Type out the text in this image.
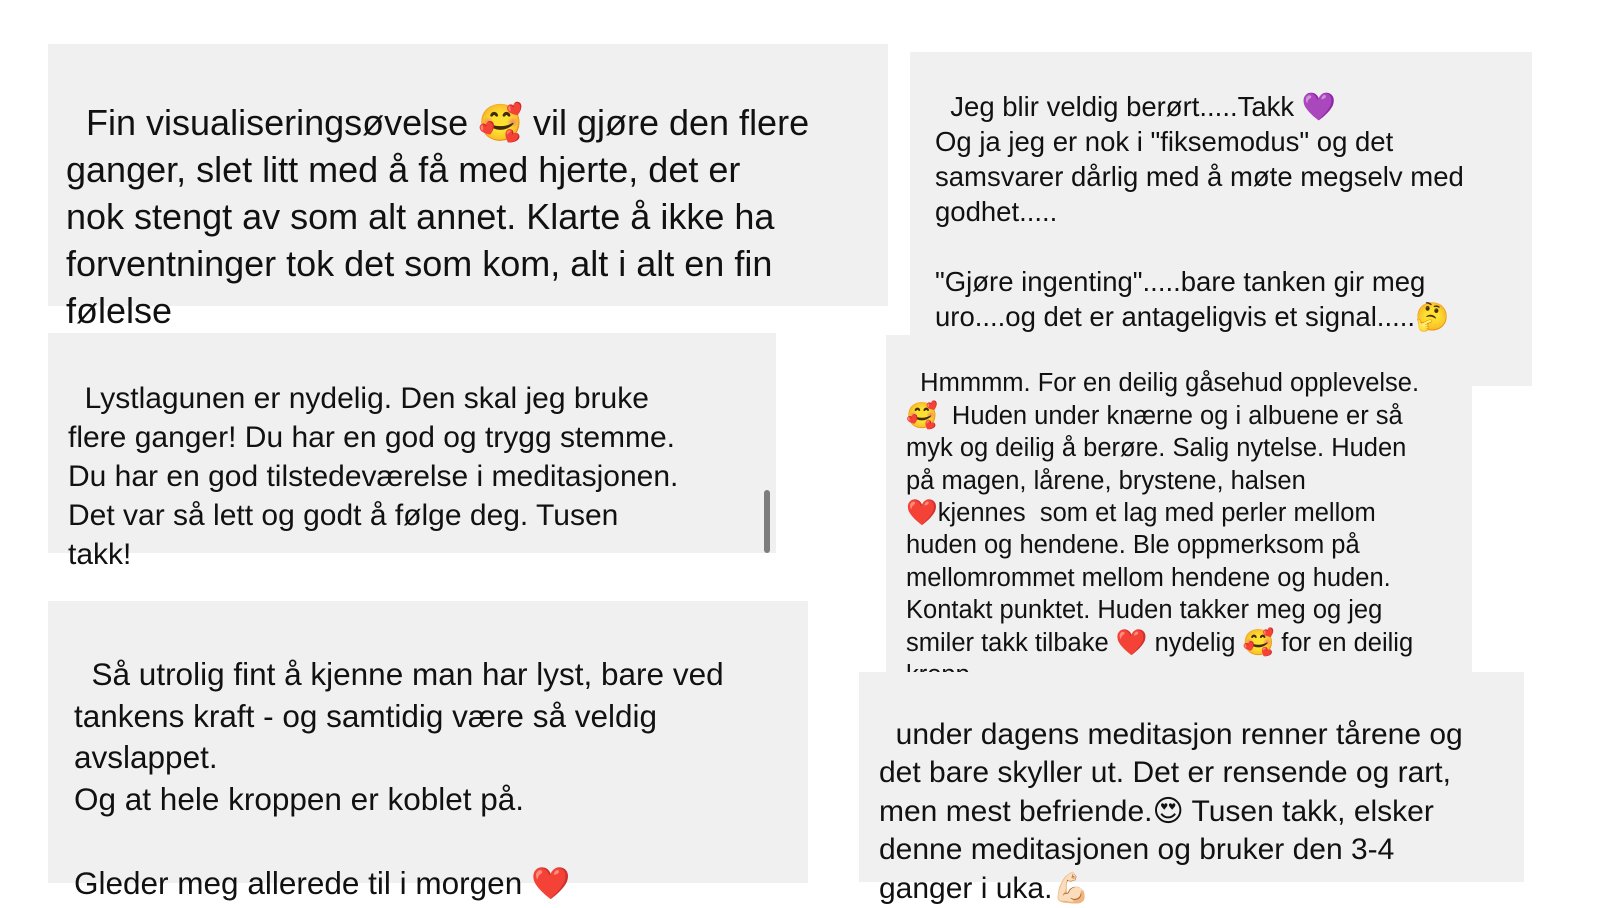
Fin visualiseringsøvelse 🥰 vil gjøre den flere
ganger, slet litt med å få med hjerte, det er
nok stengt av som alt annet. Klarte å ikke ha
forventninger tok det som kom, alt i alt en fin
følelse

Jeg blir veldig berørt.....Takk 💜
Og ja jeg er nok i "fiksemodus" og det
samsvarer dårlig med å møte megselv med
godhet.....

"Gjøre ingenting".....bare tanken gir meg
uro....og det er antageligvis et signal.....🤔

Lystlagunen er nydelig. Den skal jeg bruke
flere ganger! Du har en god og trygg stemme.
Du har en god tilstedeværelse i meditasjonen.
Det var så lett og godt å følge deg. Tusen
takk!

Hmmmm. For en deilig gåsehud opplevelse.
🥰  Huden under knærne og i albuene er så
myk og deilig å berøre. Salig nytelse. Huden
på magen, lårene, brystene, halsen
❤️kjennes  som et lag med perler mellom
huden og hendene. Ble oppmerksom på
mellomrommet mellom hendene og huden.
Kontakt punktet. Huden takker meg og jeg
smiler takk tilbake ❤️ nydelig 🥰 for en deilig

Så utrolig fint å kjenne man har lyst, bare ved
tankens kraft - og samtidig være så veldig
avslappet.
Og at hele kroppen er koblet på.

Gleder meg allerede til i morgen ❤️

under dagens meditasjon renner tårene og
det bare skyller ut. Det er rensende og rart,
men mest befriende.😍 Tusen takk, elsker
denne meditasjonen og bruker den 3-4
ganger i uka.💪🏻
